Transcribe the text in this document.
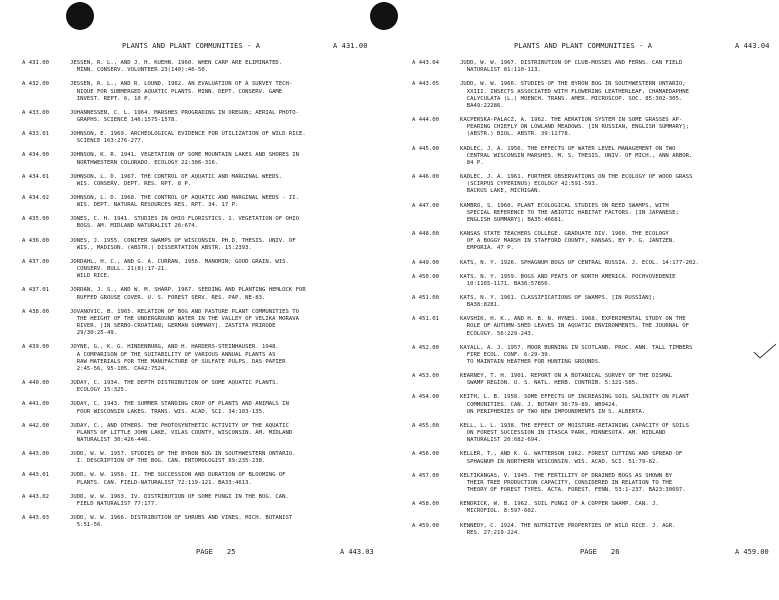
PLANTS AND PLANT COMMUNITIES - A	A 431.00
A 431.00	JESSEN, R. L., AND J. H. KUEHN. 1960. WHEN CARP ARE ELIMINATED.
MINN. CONSERV. VOLUNTEER 23(140):46-50.
A 432.00	JESSEN, R. L., AND R. LOUND. 1962. AN EVALUATION OF A SURVEY TECH-
NIQUE FOR SUBMERGED AQUATIC PLANTS. MINN. DEPT. CONSERV. GAME
INVEST. REPT. 6, 10 P.
A 433.00	JOHANNESSEN, C. L. 1964. MARSHES PROGRADING IN OREGON; AERIAL PHOTO-
GRAPHS. SCIENCE 146:1575-1578.
A 433.01	JOHNSON, E. 1969. ARCHEOLOGICAL EVIDENCE FOR UTILIZATION OF WILD RICE.
SCIENCE 163:276-277.
A 434.00	JOHNSON, K. R. 1941. VEGETATION OF SOME MOUNTAIN LAKES AND SHORES IN
NORTHWESTERN COLORADO. ECOLOGY 22:306-316.
A 434.01	JOHNSON, L. D. 1967. THE CONTROL OF AQUATIC AND MARGINAL WEEDS.
WIS. CONSERV. DEPT. RES. RPT. 8 P.
A 434.02	JOHNSON, L. D. 1968. THE CONTROL OF AQUATIC AND MARGINAL WEEDS - II.
WIS. DEPT. NATURAL RESOURCES RES. RPT. 34. 17 P.
A 435.00	JONES, C. H. 1941. STUDIES IN OHIO FLORISTICS. 1. VEGETATION OF OHIO
BOGS. AM. MIDLAND NATURALIST 26:674.
A 436.00	JONES, J. 1955. CONIFER SWAMPS OF WISCONSIN. PH.D. THESIS. UNIV. OF
WIS., MADISON. (ABSTR.) DISSERTATION ABSTR. 15:2393.
A 437.00	JORDAHL, H. C., AND G. A. CURRAN. 1956. MANOMIN; GOOD GRAIN. WIS.
CONSERV. BULL. 21(8):17-21.
WILD RICE.
A 437.01	JORDAN, J. S., AND W. M. SHARP. 1967. SEEDING AND PLANTING HEMLOCK FOR
RUFFED GROUSE COVER. U. S. FOREST SERV. RES. PAP. NE-83.
A 438.00	JOVANOVIC, B. 1965. RELATION OF BOG AND PASTURE PLANT COMMUNITIES TO
THE HEIGHT OF THE UNDERGROUND WATER IN THE VALLEY OF VELIKA MORAVA
RIVER. [IN SERBO-CROATIAN; GERMAN SUMMARY]. ZASTITA PRIRODE
29/30:25-49.
A 439.00	JOYNE, G., K. G. HINDENBURG, AND H. HARDERS-STEINHAUSER. 1948.
A COMPARISON OF THE SUITABILITY OF VARIOUS ANNUAL PLANTS AS
RAW MATERIALS FOR THE MANUFACTURE OF SULFATE PULPS. DAS PAPIER
2:45-56, 95-105. CA42:7524.
A 440.00	JUDAY, C. 1934. THE DEPTH DISTRIBUTION OF SOME AQUATIC PLANTS.
ECOLOGY 15:325.
A 441.00	JUDAY, C. 1943. THE SUMMER STANDING CROP OF PLANTS AND ANIMALS IN
FOUR WISCONSIN LAKES. TRANS. WIS. ACAD. SCI. 34:103-135.
A 442.00	JUDAY, C., AND OTHERS. THE PHOTOSYNTHETIC ACTIVITY OF THE AQUATIC
PLANTS OF LITTLE JOHN LAKE, VILAS COUNTY, WISCONSIN. AM. MIDLAND
NATURALIST 30:426-446.
A 443.00	JUDD, W. W. 1957. STUDIES OF THE BYRON BOG IN SOUTHWESTERN ONTARIO.
I. DESCRIPTION OF THE BOG. CAN. ENTOMOLOGIST 89:235-238.
A 443.01	JUDD, W. W. 1958. II. THE SUCCESSION AND DURATION OF BLOOMING OF
PLANTS. CAN. FIELD-NATURALIST 72:119-121. BA33:4613.
A 443.02	JUDD, W. W. 1963. IV. DISTRIBUTION OF SOME FUNGI IN THE BOG. CAN.
FIELD NATURALIST 77:177.
A 443.03	JUDD, W. W. 1966. DISTRIBUTION OF SHRUBS AND VINES. MICH. BOTANIST
5:51-56.
PAGE 25	A 443.03
PLANTS AND PLANT COMMUNITIES - A	A 443.04
A 443.04	JUDD, W. W. 1967. DISTRIBUTION OF CLUB-MOSSES AND FERNS. CAN FIELD
NATURALIST 81:110-113.
A 443.05	JUDD, W. W. 1966. STUDIES OF THE BYRON BOG IN SOUTHWESTERN ONTARIO;
XXIII. INSECTS ASSOCIATED WITH FLOWERING LEATHERLEAF, CHAMAEDAPHNE
CALYCULATA (L.) MOENCH. TRANS. AMER. MICROSCOP. SOC. 85:302-305.
BA49:22286.
A 444.00	KACPERSKA-PALACZ, A. 1962. THE AERATION SYSTEM IN SOME GRASSES AP-
PEARING CHIEFLY ON LOWLAND MEADOWS. [IN RUSSIAN, ENGLISH SUMMARY];
(ABSTR.) BIOL. ABSTR. 39:11778.
A 445.00	KADLEC, J. A. 1956. THE EFFECTS OF WATER LEVEL MANAGEMENT ON TWO
CENTRAL WISCONSIN MARSHES. M. S. THESIS. UNIV. OF MICH., ANN ARBOR.
84 P.
A 446.00	KADLEC, J. A. 1961. FURTHER OBSERVATIONS ON THE ECOLOGY OF WOOD GRASS
(SCIRPUS CYPERINUS) ECOLOGY 42:591-593.
BACKUS LAKE, MICHIGAN.
A 447.00	KAMBRO, S. 1960. PLANT ECOLOGICAL STUDIES ON REED SWAMPS, WITH
SPECIAL REFERENCE TO THE ABIOTIC HABITAT FACTORS. [IN JAPANESE;
ENGLISH SUMMARY]; BA35:46681.
A 448.00	KANSAS STATE TEACHERS COLLEGE. GRADUATE DIV. 1960. THE ECOLOGY
OF A BOGGY MARSH IN STAFFORD COUNTY, KANSAS, BY P. G. JANTZEN.
EMPORIA. 47 P.
A 449.00	KATS, N. Y. 1926. SPHAGNUM BOGS OF CENTRAL RUSSIA. J. ECOL. 14:177-202.
A 450.00	KATS, N. Y. 1959. BOGS AND PEATS OF NORTH AMERICA. POCHVOVEDENIE
10:1165-1171. BA36:57856.
A 451.00	KATS, N. Y. 1961. CLASSIFICATIONS OF SWAMPS. [IN RUSSIAN];
BA38:8281.
A 451.01	KAVSHIK, H. K., AND H. B. N. HYNES. 1968. EXPERIMENTAL STUDY ON THE
ROLE OF AUTUMN-SHED LEAVES IN AQUATIC ENVIRONMENTS. THE JOURNAL OF
ECOLOGY. 56:229-243.
A 452.00	KAYALL, A. J. 1957. MOOR BURNING IN SCOTLAND. PROC. ANN. TALL TIMBERS
FIRE ECOL. CONF. 6:29-39.
TO MAINTAIN HEATHER FOR HUNTING GROUNDS.
A 453.00	KEARNEY, T. H. 1901. REPORT ON A BOTANICAL SURVEY OF THE DISMAL
SWAMP REGION. U. S. NATL. HERB. CONTRIB. 5:321-585.
A 454.00	KEITH, L. B. 1958. SOME EFFECTS OF INCREASING SOIL SALINITY ON PLANT
COMMUNITIES. CAN. J. BOTANY 36:79-89. WB9424.
ON PERIPHERIES OF TWO NEW IMPOUNDMENTS IN S. ALBERTA.
A 455.00	KELL, L. L. 1938. THE EFFECT OF MOISTURE-RETAINING CAPACITY OF SOILS
ON FOREST SUCCESSION IN ITASCA PARK, MINNESOTA. AM. MIDLAND
NATURALIST 20:682-694.
A 456.00	KELLER, T., AND K. G. WATTERSON 1962. FOREST CUTTING AND SPREAD OF
SPHAGNUM IN NORTHERN WISCONSIN. WIS. ACAD. SCI. 51:79-82.
A 457.00	KELTIKANGAS, V. 1945. THE FERTILITY OF DRAINED BOGS AS SHOWN BY
THEIR TREE PRODUCTION CAPACITY, CONSIDERED IN RELATION TO THE
THEORY OF FOREST TYPES. ACTA. FOREST. FENN. 53:1-237. BA23:30097.
A 458.00	KENDRICK, W. B. 1962. SOIL FUNGI OF A COPPER SWAMP. CAN. J.
MICROFIOL. 8:597-602.
A 459.00	KENNEDY, C. 1924. THE NUTRITIVE PROPERTIES OF WILD RICE. J. AGR.
RES. 27:219-224.
PAGE 26	A 459.00
